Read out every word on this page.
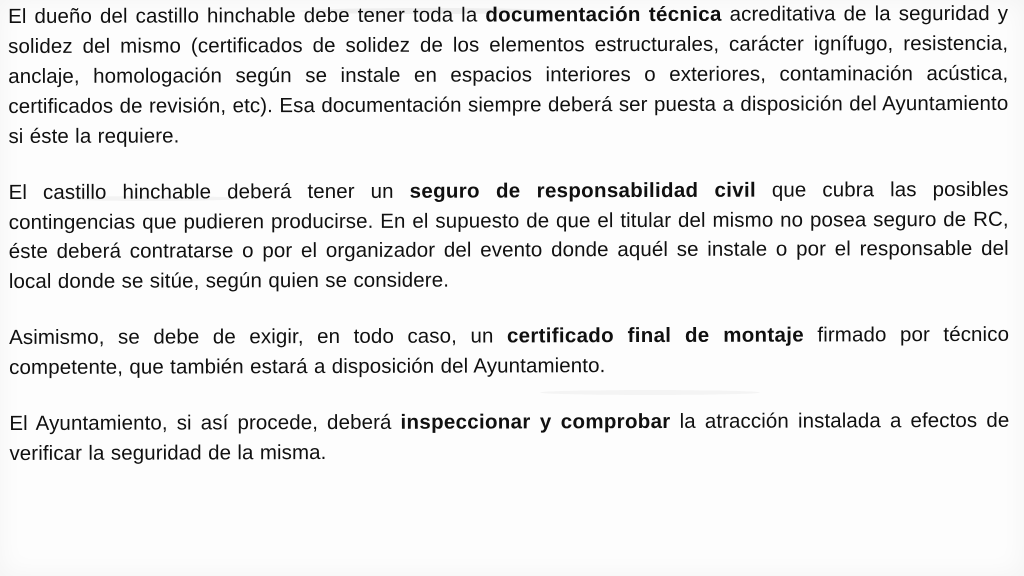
El dueño del castillo hinchable debe tener toda la documentación técnica acreditativa de la seguridad y solidez del mismo (certificados de solidez de los elementos estructurales, carácter ignífugo, resistencia, anclaje, homologación según se instale en espacios interiores o exteriores, contaminación acústica, certificados de revisión, etc). Esa documentación siempre deberá ser puesta a disposición del Ayuntamiento si éste la requiere.

El castillo hinchable deberá tener un seguro de responsabilidad civil que cubra las posibles contingencias que pudieren producirse. En el supuesto de que el titular del mismo no posea seguro de RC, éste deberá contratarse o por el organizador del evento donde aquél se instale o por el responsable del local donde se sitúe, según quien se considere.

Asimismo, se debe de exigir, en todo caso, un certificado final de montaje firmado por técnico competente, que también estará a disposición del Ayuntamiento.

El Ayuntamiento, si así procede, deberá inspeccionar y comprobar la atracción instalada a efectos de verificar la seguridad de la misma.
